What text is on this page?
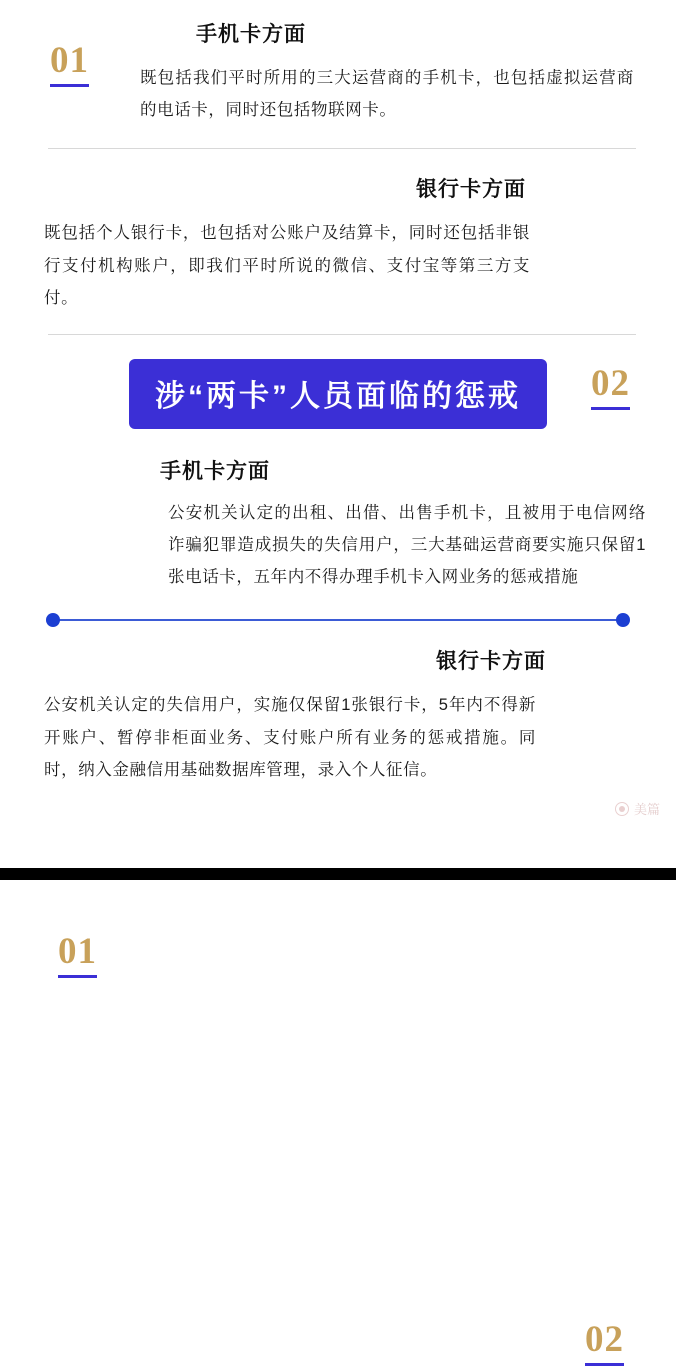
01
手机卡方面
既包括我们平时所用的三大运营商的手机卡，也包括虚拟运营商的电话卡，同时还包括物联网卡。
02
银行卡方面
既包括个人银行卡，也包括对公账户及结算卡，同时还包括非银行支付机构账户，即我们平时所说的微信、支付宝等第三方支付。
涉“两卡”人员面临的惩戒
01
手机卡方面
公安机关认定的出租、出借、出售手机卡，且被用于电信网络诈骗犯罪造成损失的失信用户，三大基础运营商要实施只保留1张电话卡，五年内不得办理手机卡入网业务的惩戒措施
02
银行卡方面
公安机关认定的失信用户，实施仅保留1张银行卡，5年内不得新开账户、暂停非柜面业务、支付账户所有业务的惩戒措施。同时，纳入金融信用基础数据库管理，录入个人征信。
美篇
